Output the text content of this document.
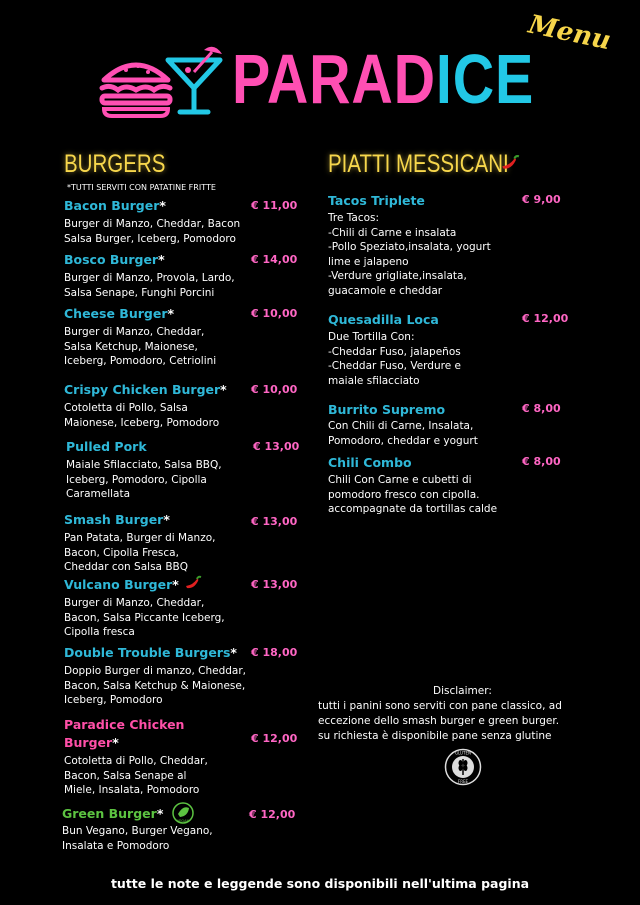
PARADICE
Menu
BURGERS
*TUTTI SERVITI CON PATATINE FRITTE
Bacon Burger*	€ 11,00
Burger di Manzo, Cheddar, Bacon
Salsa Burger, Iceberg, Pomodoro
Bosco Burger*	€ 14,00
Burger di Manzo, Provola, Lardo,
Salsa Senape, Funghi Porcini
Cheese Burger*	€ 10,00
Burger di Manzo, Cheddar,
Salsa Ketchup, Maionese,
Iceberg, Pomodoro, Cetriolini
Crispy Chicken Burger* € 10,00
Cotoletta di Pollo, Salsa
Maionese, Iceberg, Pomodoro
Pulled Pork	€ 13,00
Maiale Sfilacciato, Salsa BBQ,
Iceberg, Pomodoro, Cipolla
Caramellata
Smash Burger*	€ 13,00
Pan Patata, Burger di Manzo,
Bacon, Cipolla Fresca,
Cheddar con Salsa BBQ
Vulcano Burger*	€ 13,00
Burger di Manzo, Cheddar,
Bacon, Salsa Piccante Iceberg,
Cipolla fresca
Double Trouble Burgers* € 18,00
Doppio Burger di manzo, Cheddar,
Bacon, Salsa Ketchup & Maionese,
Iceberg, Pomodoro
Paradice Chicken
Burger*	€ 12,00
Cotoletta di Pollo, Cheddar,
Bacon, Salsa Senape al
Miele, Insalata, Pomodoro
Green Burger*	VEGAN	€ 12,00
Bun Vegano, Burger Vegano,
Insalata e Pomodoro
PIATTI MESSICANI
Tacos Triplete	€ 9,00
Tre Tacos:
-Chili di Carne e insalata
-Pollo Speziato,insalata, yogurt
lime e jalapeno
-Verdure grigliate,insalata,
guacamole e cheddar
Quesadilla Loca	€ 12,00
Due Tortilla Con:
-Cheddar Fuso, jalapeños
-Cheddar Fuso, Verdure e
maiale sfilacciato
Burrito Supremo	€ 8,00
Con Chili di Carne, Insalata,
Pomodoro, cheddar e yogurt
Chili Combo	€ 8,00
Chili Con Carne e cubetti di
pomodoro fresco con cipolla.
accompagnate da tortillas calde
Disclaimer:
tutti i panini sono serviti con pane classico, ad
eccezione dello smash burger e green burger.
su richiesta è disponibile pane senza glutine
GLUTEN
FREE
tutte le note e leggende sono disponibili nell'ultima pagina
